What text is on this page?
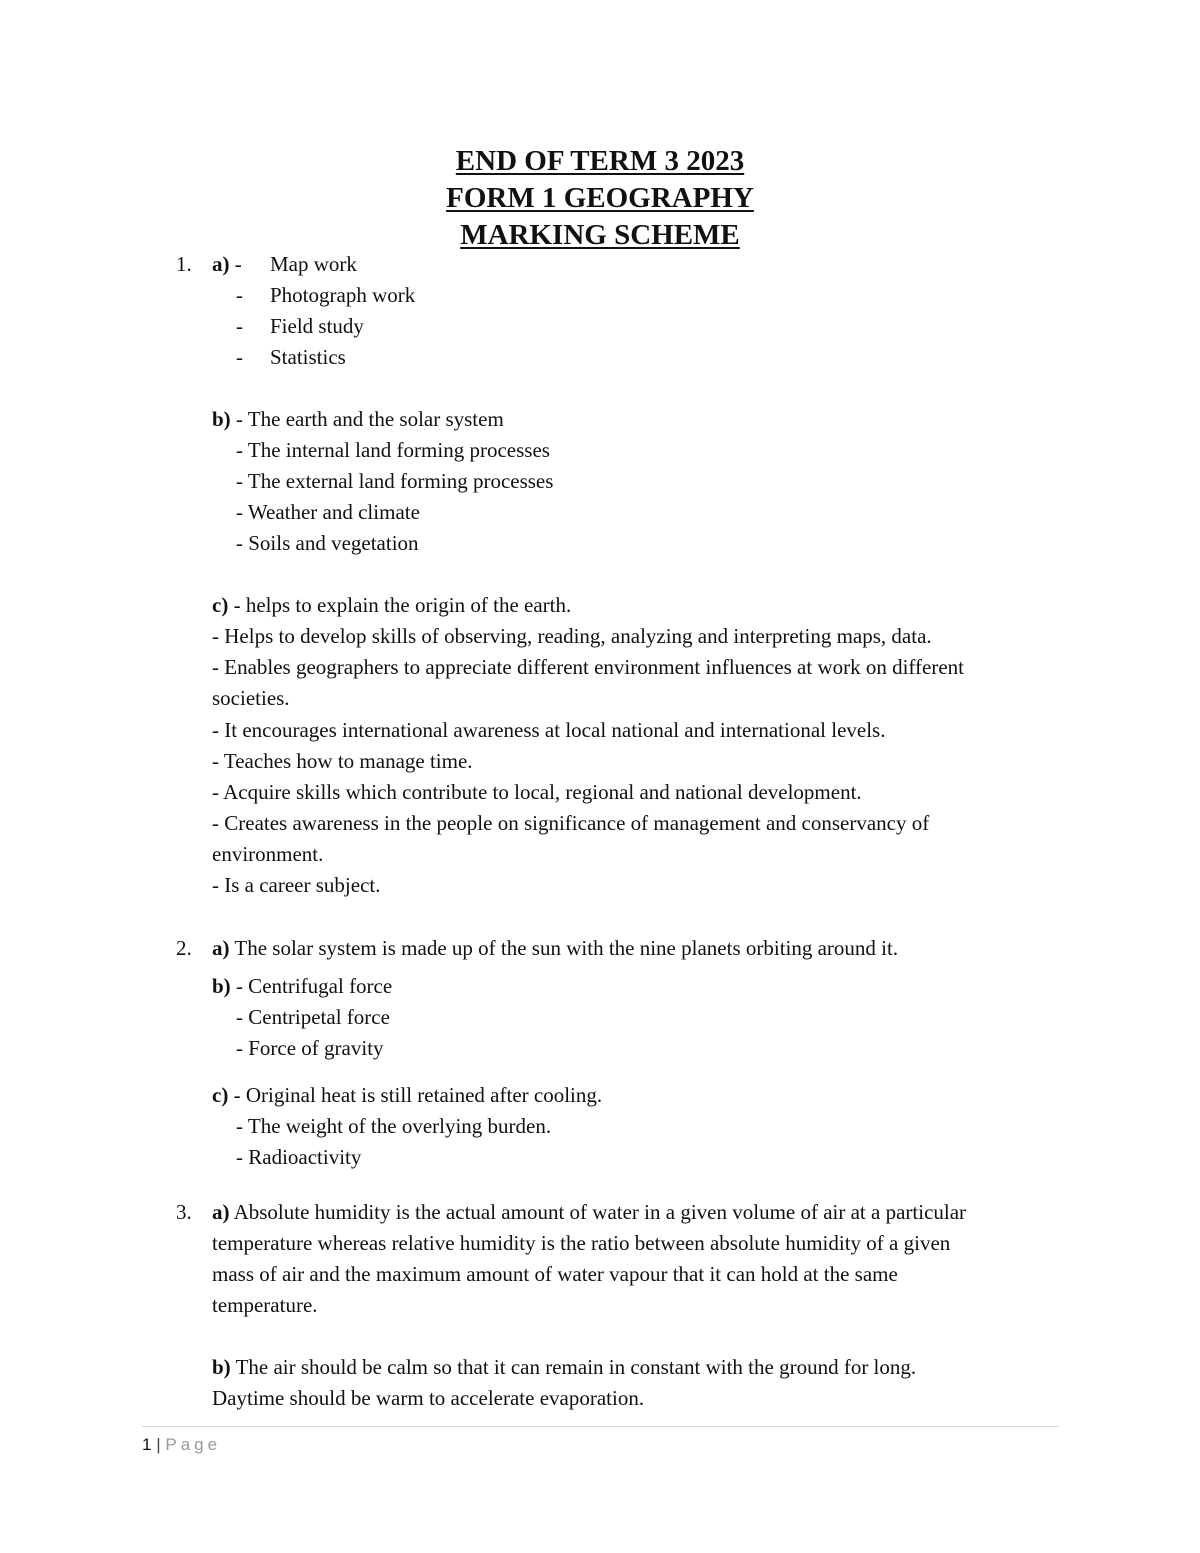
END OF TERM 3 2023
FORM 1 GEOGRAPHY
MARKING SCHEME
1. a) - Map work
- Photograph work
- Field study
- Statistics
b) - The earth and the solar system
- The internal land forming processes
- The external land forming processes
- Weather and climate
- Soils and vegetation
c) - helps to explain the origin of the earth.
- Helps to develop skills of observing, reading, analyzing and interpreting maps, data.
- Enables geographers to appreciate different environment influences at work on different
societies.
- It encourages international awareness at local national and international levels.
- Teaches how to manage time.
- Acquire skills which contribute to local, regional and national development.
- Creates awareness in the people on significance of management and conservancy of
environment.
- Is a career subject.
2. a) The solar system is made up of the sun with the nine planets orbiting around it.
b) - Centrifugal force
- Centripetal force
- Force of gravity
c) - Original heat is still retained after cooling.
- The weight of the overlying burden.
- Radioactivity
3. a) Absolute humidity is the actual amount of water in a given volume of air at a particular
temperature whereas relative humidity is the ratio between absolute humidity of a given
mass of air and the maximum amount of water vapour that it can hold at the same
temperature.
b) The air should be calm so that it can remain in constant with the ground for long.
Daytime should be warm to accelerate evaporation.
1 | Page
